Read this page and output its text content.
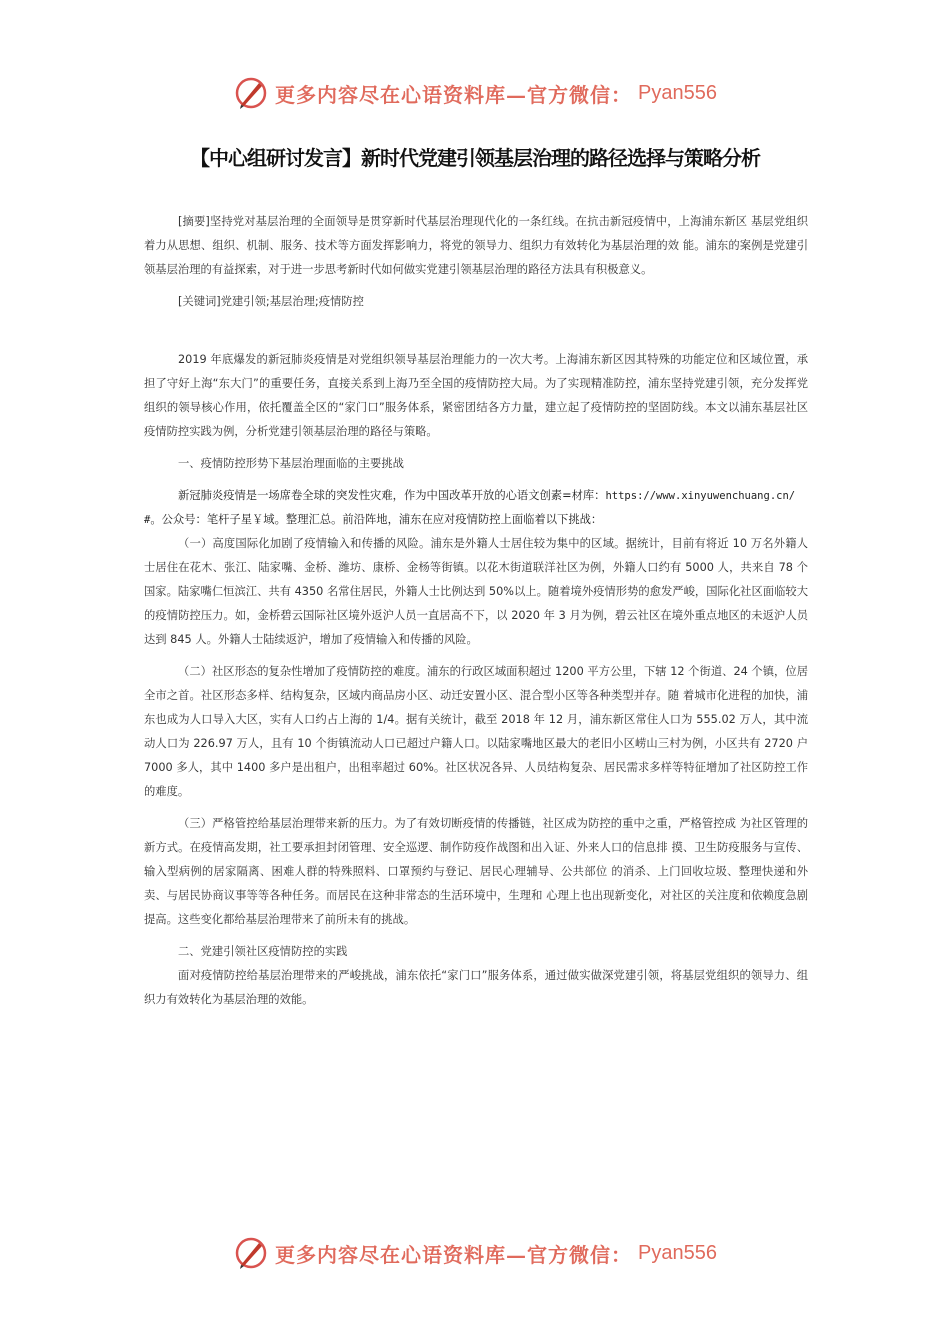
更多内容尽在心语资料库—官方微信： Pyan556
【中心组研讨发言】新时代党建引领基层治理的路径选择与策略分析

[摘要]坚持党对基层治理的全面领导是贯穿新时代基层治理现代化的一条红线。在抗击新冠疫情中，上海浦东新区 基层党组织着力从思想、组织、机制、服务、技术等方面发挥影响力，将党的领导力、组织力有效转化为基层治理的效 能。浦东的案例是党建引领基层治理的有益探索，对于进一步思考新时代如何做实党建引领基层治理的路径方法具有积极意义。

[关键词]党建引领;基层治理;疫情防控

2019 年底爆发的新冠肺炎疫情是对党组织领导基层治理能力的一次大考。上海浦东新区因其特殊的功能定位和区域位置，承担了守好上海“东大门”的重要任务，直接关系到上海乃至全国的疫情防控大局。为了实现精准防控，浦东坚持党建引领，充分发挥党组织的领导核心作用，依托覆盖全区的“家门口”服务体系，紧密团结各方力量，建立起了疫情防控的坚固防线。本文以浦东基层社区疫情防控实践为例，分析党建引领基层治理的路径与策略。

一、疫情防控形势下基层治理面临的主要挑战

新冠肺炎疫情是一场席卷全球的突发性灾难，作为中国改革开放的心语文创素=材库：https://www.xinyuwenchuang.cn/#。公众号：笔杆子星￥域。整理汇总。前沿阵地，浦东在应对疫情防控上面临着以下挑战：

（一）高度国际化加剧了疫情输入和传播的风险。浦东是外籍人士居住较为集中的区域。据统计，目前有将近 10 万名外籍人士居住在花木、张江、陆家嘴、金桥、潍坊、康桥、金杨等街镇。以花木街道联洋社区为例，外籍人口约有 5000 人，共来自 78 个国家。陆家嘴仁恒滨江、共有 4350 名常住居民，外籍人士比例达到 50%以上。随着境外疫情形势的愈发严峻，国际化社区面临较大的疫情防控压力。如，金桥碧云国际社区境外返沪人员一直居高不下，以 2020 年 3 月为例，碧云社区在境外重点地区的未返沪人员达到 845 人。外籍人士陆续返沪，增加了疫情输入和传播的风险。

（二）社区形态的复杂性增加了疫情防控的难度。浦东的行政区域面积超过 1200 平方公里，下辖 12 个街道、24 个镇，位居全市之首。社区形态多样、结构复杂，区域内商品房小区、动迁安置小区、混合型小区等各种类型并存。随 着城市化进程的加快，浦东也成为人口导入大区，实有人口约占上海的 1/4。据有关统计，截至 2018 年 12 月，浦东新区常住人口为 555.02 万人，其中流动人口为 226.97 万人，且有 10 个街镇流动人口已超过户籍人口。以陆家嘴地区最大的老旧小区崂山三村为例，小区共有 2720 户 7000 多人，其中 1400 多户是出租户，出租率超过 60%。社区状况各异、人员结构复杂、居民需求多样等特征增加了社区防控工作的难度。

（三）严格管控给基层治理带来新的压力。为了有效切断疫情的传播链，社区成为防控的重中之重，严格管控成 为社区管理的新方式。在疫情高发期，社工要承担封闭管理、安全巡逻、制作防疫作战图和出入证、外来人口的信息排 摸、卫生防疫服务与宣传、输入型病例的居家隔离、困难人群的特殊照料、口罩预约与登记、居民心理辅导、公共部位 的消杀、上门回收垃圾、整理快递和外卖、与居民协商议事等等各种任务。而居民在这种非常态的生活环境中，生理和 心理上也出现新变化，对社区的关注度和依赖度急剧提高。这些变化都给基层治理带来了前所未有的挑战。

二、党建引领社区疫情防控的实践

面对疫情防控给基层治理带来的严峻挑战，浦东依托“家门口”服务体系，通过做实做深党建引领，将基层党组织的领导力、组织力有效转化为基层治理的效能。

更多内容尽在心语资料库—官方微信： Pyan556
